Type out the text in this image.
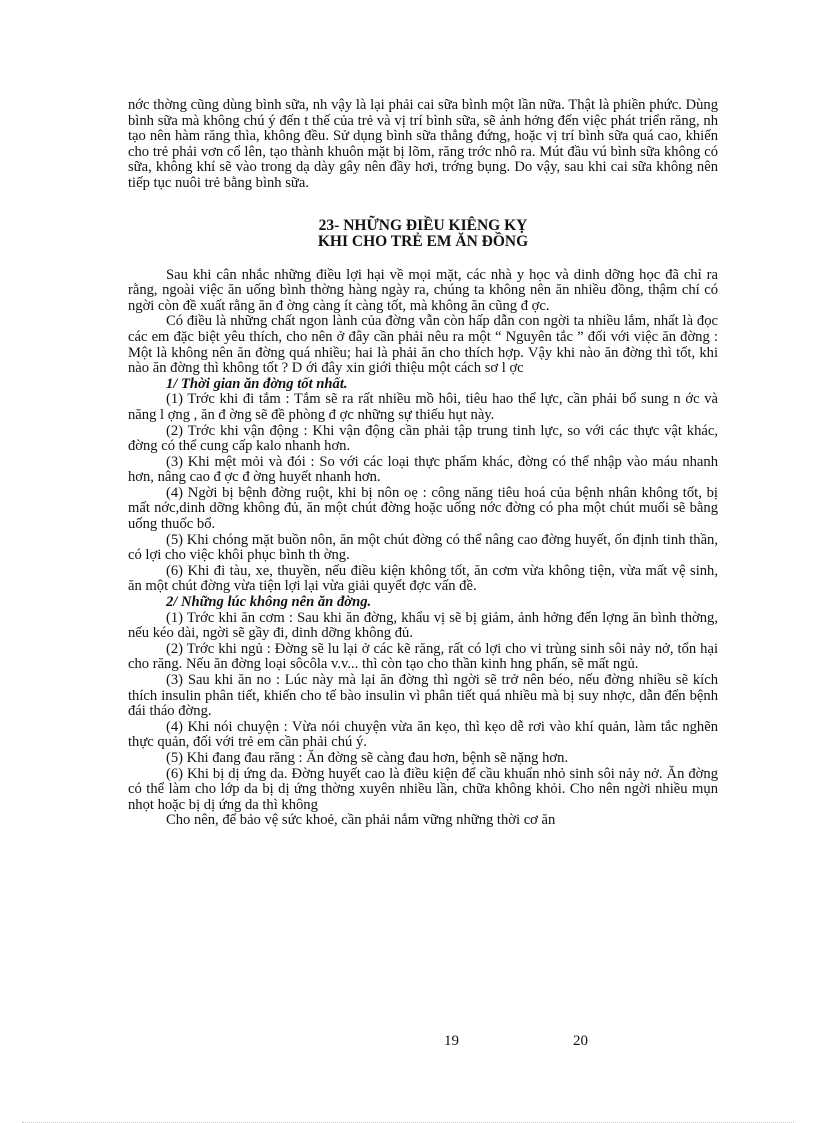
nớc thờng cũng dùng bình sữa, nh vậy là lại phải cai sữa bình một lần nữa. Thật là phiền phức. Dùng bình sữa mà không chú ý đến t thế của trẻ và vị trí bình sữa, sẽ ảnh hởng đến việc phát triển răng, nh tạo nên hàm răng thìa, không đều. Sử dụng bình sữa thẳng đứng, hoặc vị trí bình sữa quá cao, khiến cho trẻ phải vơn cổ lên, tạo thành khuôn mặt bị lõm, răng trớc nhô ra. Mút đầu vú bình sữa không có sữa, không khí sẽ vào trong dạ dày gây nên đầy hơi, trớng bụng. Do vậy, sau khi cai sữa không nên tiếp tục nuôi trẻ bằng bình sữa.

23- NHỮNG ĐIỀU KIÊNG KỴ
KHI CHO TRẺ EM ĂN ĐỒNG

Sau khi cân nhắc những điều lợi hại về mọi mặt, các nhà y học và dinh dỡng học đã chỉ ra rằng, ngoài việc ăn uống bình thờng hàng ngày ra, chúng ta không nên ăn nhiều đồng, thậm chí có ngời còn đề xuất rằng ăn đ ờng càng ít càng tốt, mà không ăn cũng đ ợc.

Có điều là những chất ngon lành của đờng vẫn còn hấp dẫn con ngời ta nhiều lắm, nhất là đọc các em đặc biệt yêu thích, cho nên ở đây cần phải nêu ra một “ Nguyên tắc ” đối với việc ăn đờng : Một là không nên ăn đờng quá nhiều; hai là phải ăn cho thích hợp. Vậy khi nào ăn đờng thì tốt, khi nào ăn đờng thì không tốt ? D ới đây xin giới thiệu một cách sơ l ợc

1/ Thời gian ăn đờng tốt nhất.

(1) Trớc khi đi tắm : Tắm sẽ ra rất nhiều mồ hôi, tiêu hao thể lực, cần phải bổ sung n ớc và năng l ợng , ăn đ ờng sẽ đề phòng đ ợc những sự thiếu hụt này.

(2) Trớc khi vận động : Khi vận động cần phải tập trung tinh lực, so với các thực vật khác, đờng có thể cung cấp kalo nhanh hơn.

(3) Khi mệt mỏi và đói : So với các loại thực phẩm khác, đờng có thể nhập vào máu nhanh hơn, nâng cao đ ợc đ ờng huyết nhanh hơn.

(4) Ngời bị bệnh đờng ruột, khi bị nôn oẹ : công năng tiêu hoá của bệnh nhân không tốt, bị mất nớc,dinh dỡng không đủ, ăn một chút đờng hoặc uống nớc đờng có pha một chút muối sẽ bằng uống thuốc bổ.

(5) Khi chóng mặt buồn nôn, ăn một chút đờng có thể nâng cao đờng huyết, ổn định tinh thần, có lợi cho việc khôi phục bình th ờng.

(6) Khi đi tàu, xe, thuyền, nếu điều kiện không tốt, ăn cơm vừa không tiện, vừa mất vệ sinh, ăn một chút đờng vừa tiện lợi lại vừa giải quyết đợc vấn đề.

2/ Những lúc không nên ăn đờng.

(1) Trớc khi ăn cơm : Sau khi ăn đờng, khẩu vị sẽ bị giảm, ảnh hởng đến lợng ăn bình thờng, nếu kéo dài, ngời sẽ gầy đi, dinh dỡng không đủ.

(2) Trớc khi ngủ : Đờng sẽ lu lại ở các kẽ răng, rất có lợi cho vi trùng sinh sôi nảy nở, tổn hại cho răng. Nếu ăn đờng loại sôcôla v.v... thì còn tạo cho thần kinh hng phấn, sẽ mất ngủ.

(3) Sau khi ăn no : Lúc này mà lại ăn đờng thì ngời sẽ trở nên béo, nếu đờng nhiều sẽ kích thích insulin phân tiết, khiến cho tế bào insulin vì phân tiết quá nhiều mà bị suy nhợc, dẫn đến bệnh đái tháo đờng.

(4) Khi nói chuyện : Vừa nói chuyện vừa ăn kẹo, thì kẹo dễ rơi vào khí quản, làm tắc nghẽn thực quản, đối với trẻ em cần phải chú ý.

(5) Khi đang đau răng : Ăn đờng sẽ càng đau hơn, bệnh sẽ nặng hơn.

(6) Khi bị dị ứng da. Đờng huyết cao là điều kiện để cầu khuẩn nhỏ sinh sôi nảy nở. Ăn đờng có thể làm cho lớp da bị dị ứng thờng xuyên nhiều lần, chữa không khỏi. Cho nên ngời nhiều mụn nhọt hoặc bị dị ứng da thì không

Cho nên, để bảo vệ sức khoẻ, cần phải nắm vững những thời cơ ăn

19	20
